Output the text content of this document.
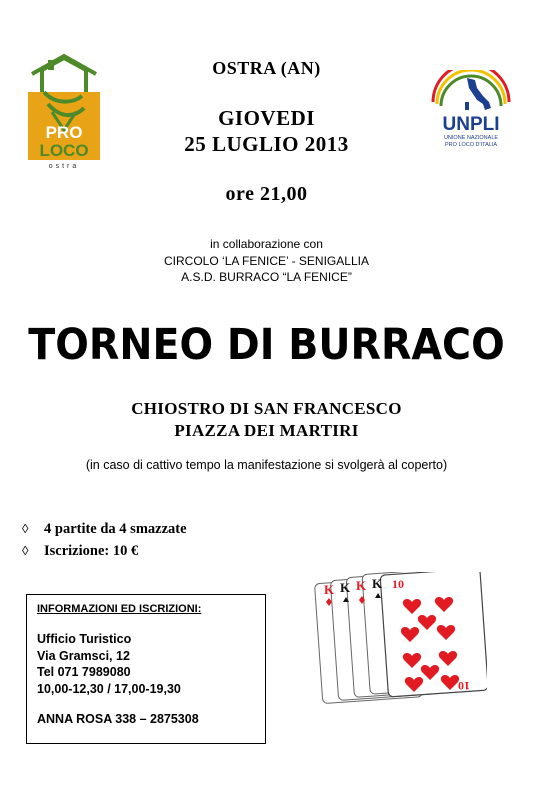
PRO
LOCO
ostra
UNPLI
UNIONE NAZIONALE
PRO LOCO D'ITALIA
OSTRA (AN)
GIOVEDI
25 LUGLIO 2013
ore 21,00
in collaborazione con
CIRCOLO ‘LA FENICE’ - SENIGALLIA
A.S.D. BURRACO “LA FENICE”
TORNEO DI BURRACO
CHIOSTRO DI SAN FRANCESCO
PIAZZA DEI MARTIRI
(in caso di cattivo tempo la manifestazione si svolgerà al coperto)
◊	4 partite da 4 smazzate
◊	Iscrizione: 10 €
INFORMAZIONI ED ISCRIZIONI:
Ufficio Turistico
Via Gramsci, 12
Tel 071 7989080
10,00-12,30 / 17,00-19,30
ANNA ROSA 338 – 2875308
K K K K 10
10
